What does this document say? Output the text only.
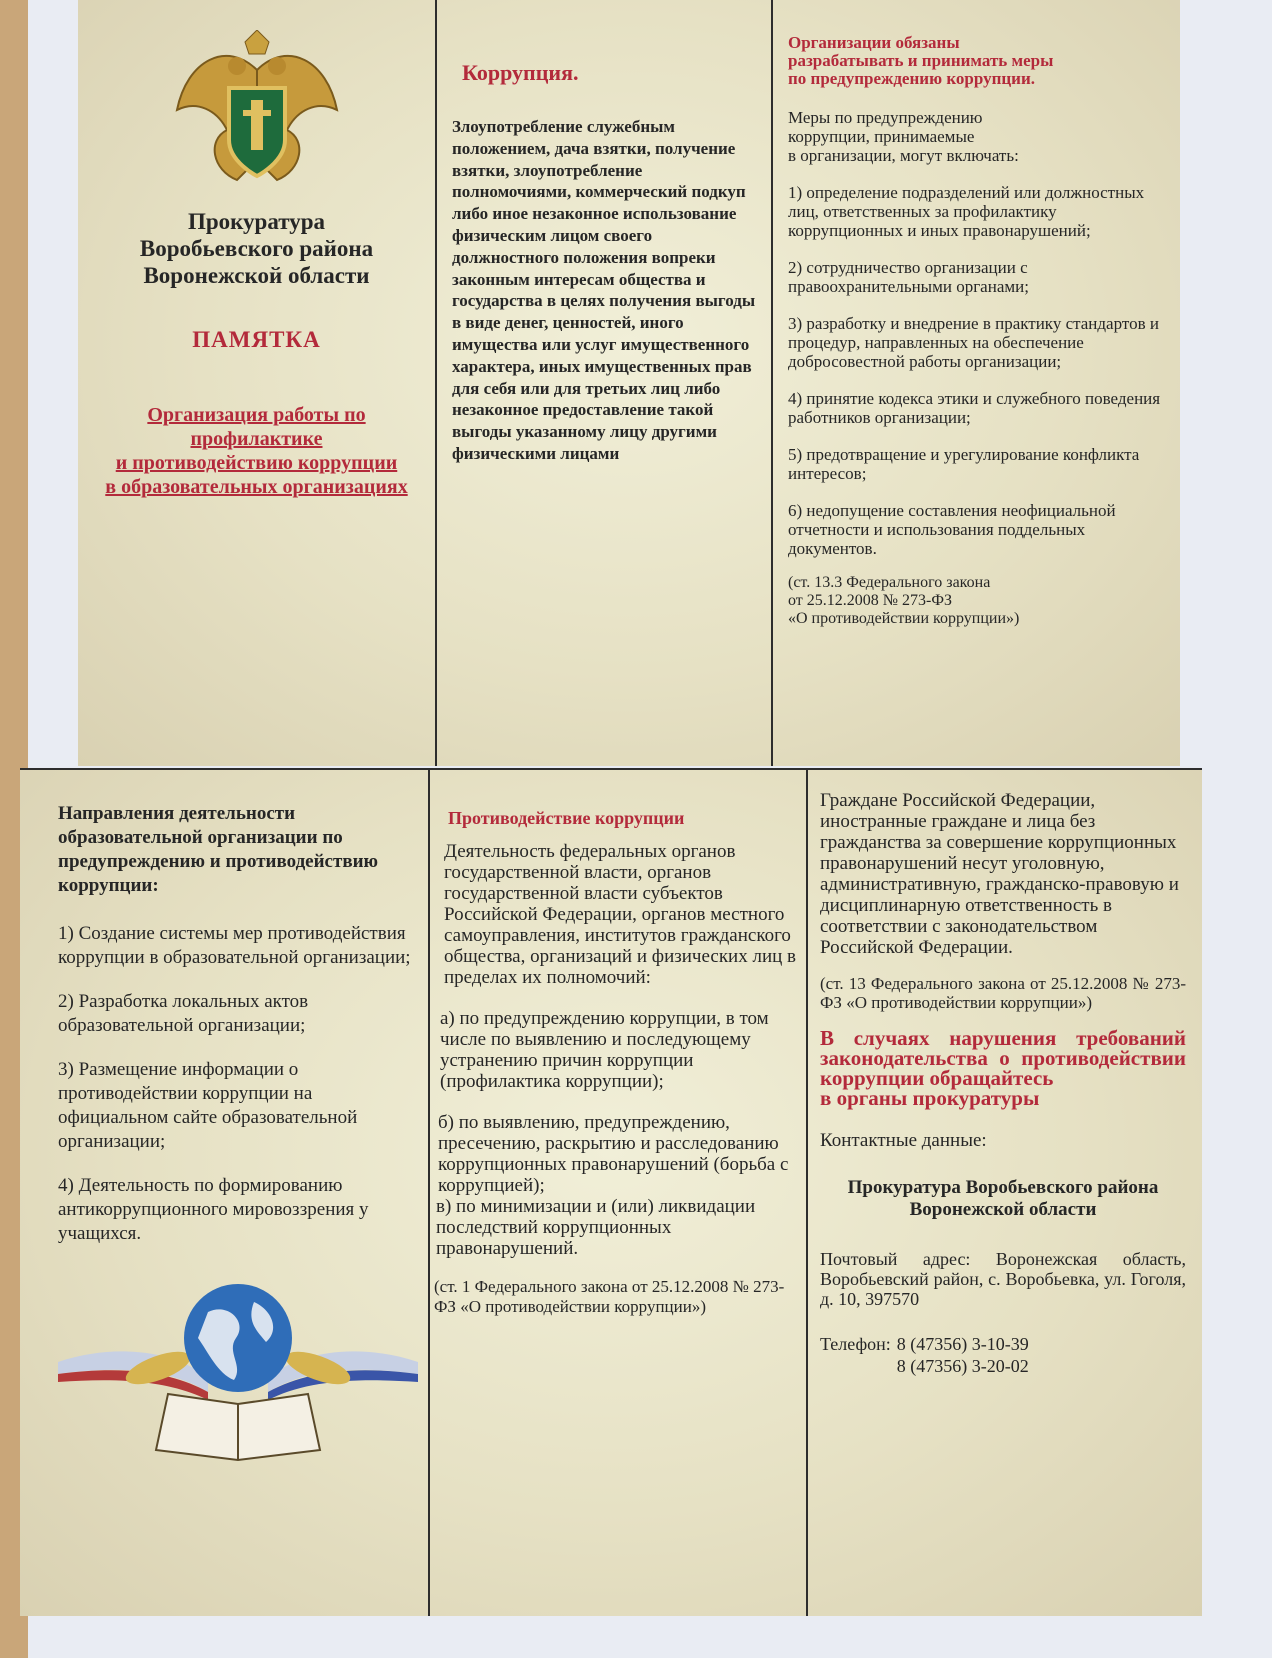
Прокуратура
Воробьевского района
Воронежской области

ПАМЯТКА

Организация работы по профилактике
и противодействию коррупции
в образовательных организациях

Коррупция.

Злоупотребление служебным положением, дача взятки, получение взятки, злоупотребление полномочиями, коммерческий подкуп либо иное незаконное использование физическим лицом своего должностного положения вопреки законным интересам общества и государства в целях получения выгоды в виде денег, ценностей, иного имущества или услуг имущественного характера, иных имущественных прав для себя или для третьих лиц либо незаконное предоставление такой выгоды указанному лицу другими физическими лицами

Организации обязаны
разрабатывать и принимать меры
по предупреждению коррупции.

Меры по предупреждению
коррупции, принимаемые
в организации, могут включать:

1) определение подразделений или должностных лиц, ответственных за профилактику коррупционных и иных правонарушений;

2) сотрудничество организации с правоохранительными органами;

3) разработку и внедрение в практику стандартов и процедур, направленных на обеспечение добросовестной работы организации;

4) принятие кодекса этики и служебного поведения работников организации;

5) предотвращение и урегулирование конфликта интересов;

6) недопущение составления неофициальной отчетности и использования поддельных документов.

(ст. 13.3 Федерального закона
от 25.12.2008 № 273-ФЗ
«О противодействии коррупции»)

Направления деятельности образовательной организации по предупреждению и противодействию коррупции:

1) Создание системы мер противодействия коррупции в образовательной организации;

2) Разработка локальных актов образовательной организации;

3) Размещение информации о противодействии коррупции на официальном сайте образовательной организации;

4) Деятельность по формированию антикоррупционного мировоззрения у учащихся.

Противодействие коррупции

Деятельность федеральных органов государственной власти, органов государственной власти субъектов Российской Федерации, органов местного самоуправления, институтов гражданского общества, организаций и физических лиц в пределах их полномочий:

а) по предупреждению коррупции, в том числе по выявлению и последующему устранению причин коррупции (профилактика коррупции);

б) по выявлению, предупреждению, пресечению, раскрытию и расследованию коррупционных правонарушений (борьба с коррупцией);

в) по минимизации и (или) ликвидации последствий коррупционных правонарушений.

(ст. 1 Федерального закона от 25.12.2008 № 273-ФЗ «О противодействии коррупции»)

Граждане Российской Федерации, иностранные граждане и лица без гражданства за совершение коррупционных правонарушений несут уголовную, административную, гражданско-правовую и дисциплинарную ответственность в соответствии с законодательством Российской Федерации.

(ст. 13 Федерального закона от 25.12.2008 № 273-ФЗ «О противодействии коррупции»)

В случаях нарушения требований законодательства о противодействии коррупции обращайтесь
в органы прокуратуры

Контактные данные:

Прокуратура Воробьевского района
Воронежской области

Почтовый адрес: Воронежская область, Воробьевский район, с. Воробьевка, ул. Гоголя, д. 10, 397570

Телефон: 8 (47356) 3-10-39
8 (47356) 3-20-02
